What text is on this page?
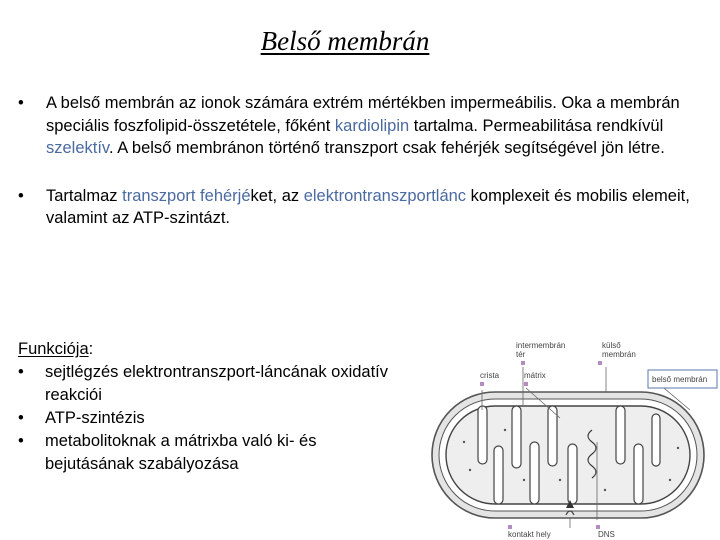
Belső membrán
• A belső membrán az ionok számára extrém mértékben impermeábilis. Oka a membrán speciális foszfolipid-összetétele, főként kardiolipin tartalma. Permeabilitása rendkívül szelektív. A belső membránon történő transzport csak fehérjék segítségével jön létre.
• Tartalmaz transzport fehérjéket, az elektrontranszportlánc komplexeit és mobilis elemeit, valamint az ATP-szintázt.
Funkciója:
• sejtlégzés elektrontranszport-láncának oxidatív reakciói
• ATP-szintézis
• metabolitoknak a mátrixba való ki- és bejutásának szabályozása
intermembrán
tér
külső
membrán
crista	mátrix	belső membrán
kontakt hely	DNS
